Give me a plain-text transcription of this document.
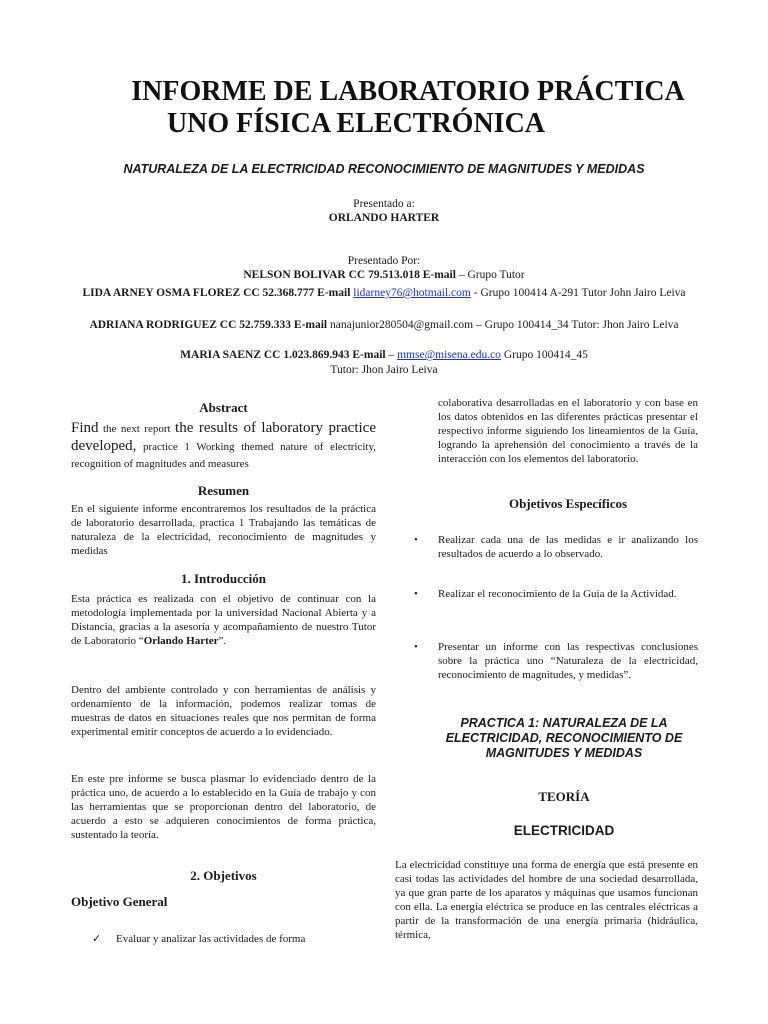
INFORME DE LABORATORIO PRÁCTICA
UNO FÍSICA ELECTRÓNICA
NATURALEZA DE LA ELECTRICIDAD RECONOCIMIENTO DE MAGNITUDES Y MEDIDAS
Presentado a:
ORLANDO HARTER
Presentado Por:
NELSON BOLIVAR CC 79.513.018 E-mail – Grupo Tutor
LIDA ARNEY OSMA FLOREZ CC 52.368.777 E-mail lidarney76@hotmail.com - Grupo 100414 A-291 Tutor John Jairo Leiva
ADRIANA RODRIGUEZ CC 52.759.333 E-mail nanajunior280504@gmail.com – Grupo 100414_34 Tutor: Jhon Jairo Leiva
MARIA SAENZ CC 1.023.869.943 E-mail – mmse@misena.edu.co Grupo 100414_45
Tutor: Jhon Jairo Leiva
Abstract
Find the next report the results of laboratory practice developed, practice 1 Working themed nature of electricity, recognition of magnitudes and measures
Resumen
En el siguiente informe encontraremos los resultados de la práctica de laboratorio desarrollada, practica 1 Trabajando las temáticas de naturaleza de la electricidad, reconocimiento de magnitudes y medidas
1. Introducción
Esta práctica es realizada con el objetivo de continuar con la metodología implementada por la universidad Nacional Abierta y a Distancia, gracias a la asesoría y acompañamiento de nuestro Tutor de Laboratorio “Orlando Harter”.
Dentro del ambiente controlado y con herramientas de análisis y ordenamiento de la información, podemos realizar tomas de muestras de datos en situaciones reales que nos permitan de forma experimental emitir conceptos de acuerdo a lo evidenciado.
En este pre informe se busca plasmar lo evidenciado dentro de la práctica uno, de acuerdo a lo establecido en la Guía de trabajo y con las herramientas que se proporcionan dentro del laboratorio, de acuerdo a esto se adquieren conocimientos de forma práctica, sustentado la teoría.
2. Objetivos
Objetivo General
✓	Evaluar y analizar las actividades de forma
colaborativa desarrolladas en el laboratorio y con base en los datos obtenidos en las diferentes prácticas presentar el respectivo informe siguiendo los lineamientos de la Guía, logrando la aprehensión del conocimiento a través de la interacción con los elementos del laboratorio.
Objetivos Específicos
•	Realizar cada una de las medidas e ir analizando los resultados de acuerdo a lo observado.
•	Realizar el reconocimiento de la Guia de la Actividad.
•	Presentar un informe con las respectivas conclusiones sobre la práctica uno “Naturaleza de la electricidad, reconocimiento de magnitudes, y medidas”.
PRACTICA 1: NATURALEZA DE LA ELECTRICIDAD, RECONOCIMIENTO DE MAGNITUDES Y MEDIDAS
TEORÍA
ELECTRICIDAD
La electricidad constituye una forma de energía que está presente en casi todas las actividades del hombre de una sociedad desarrollada, ya que gran parte de los aparatos y máquinas que usamos funcionan con ella. La energía eléctrica se produce en las centrales eléctricas a partir de la transformación de una energía primaria (hidráulica, térmica,
